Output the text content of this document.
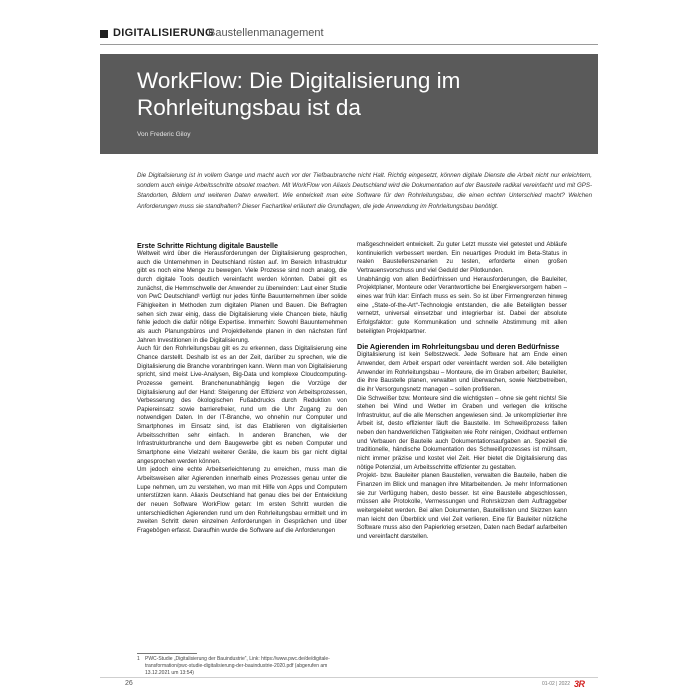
DIGITALISIERUNG
Baustellenmanagement
WorkFlow: Die Digitalisierung im Rohrleitungsbau ist da
Von Frederic Giloy
Die Digitalisierung ist in vollem Gange und macht auch vor der Tiefbaubranche nicht Halt. Richtig eingesetzt, können digitale Dienste die Arbeit nicht nur erleichtern, sondern auch einige Arbeitsschritte obsolet machen. Mit WorkFlow von Aliaxis Deutschland wird die Dokumentation auf der Baustelle radikal vereinfacht und mit GPS-Standorten, Bildern und weiteren Daten erweitert. Wie entwickelt man eine Software für den Rohrleitungsbau, die einen echten Unterschied macht? Welchen Anforderungen muss sie standhalten? Dieser Fachartikel erläutert die Grundlagen, die jede Anwendung im Rohrleitungsbau benötigt.
Erste Schritte Richtung digitale Baustelle

Weltweit wird über die Herausforderungen der Digitalisierung gesprochen, auch die Unternehmen in Deutschland rüsten auf. Im Bereich Infrastruktur gibt es noch eine Menge zu bewegen. Viele Prozesse sind noch analog, die durch digitale Tools deutlich vereinfacht werden könnten. Dabei gilt es zunächst, die Hemmschwelle der Anwender zu überwinden: Laut einer Studie von PwC Deutschland¹ verfügt nur jedes fünfte Bauunternehmen über solide Fähigkeiten in Methoden zum digitalen Planen und Bauen. Die Befragten sehen sich zwar einig, dass die Digitalisierung viele Chancen biete, häufig fehle jedoch die dafür nötige Expertise. Immerhin: Sowohl Bauunternehmen als auch Planungsbüros und Projektleitende planen in den nächsten fünf Jahren Investitionen in die Digitalisierung.

Auch für den Rohrleitungsbau gilt es zu erkennen, dass Digitalisierung eine Chance darstellt. Deshalb ist es an der Zeit, darüber zu sprechen, wie die Digitalisierung die Branche voranbringen kann. Wenn man von Digitalisierung spricht, sind meist Live-Analysen, Big-Data und komplexe Cloudcomputing-Prozesse gemeint. Branchenunabhängig liegen die Vorzüge der Digitalisierung auf der Hand: Steigerung der Effizienz von Arbeitsprozessen, Verbesserung des ökologischen Fußabdrucks durch Reduktion von Papiereinsatz sowie barrierefreier, rund um die Uhr Zugang zu den notwendigen Daten. In der IT-Branche, wo ohnehin nur Computer und Smartphones im Einsatz sind, ist das Etablieren von digitalisierten Arbeitsschritten sehr einfach. In anderen Branchen, wie der Infrastrukturbranche und dem Baugewerbe gibt es neben Computer und Smartphone eine Vielzahl weiterer Geräte, die kaum bis gar nicht digital angesprochen werden können.

Um jedoch eine echte Arbeitserleichterung zu erreichen, muss man die Arbeitsweisen aller Agierenden innerhalb eines Prozesses genau unter die Lupe nehmen, um zu verstehen, wo man mit Hilfe von Apps und Computern unterstützen kann. Aliaxis Deutschland hat genau dies bei der Entwicklung der neuen Software WorkFlow getan: Im ersten Schritt wurden die unterschiedlichen Agierenden rund um den Rohrleitungsbau ermittelt und im zweiten Schritt deren einzelnen Anforderungen in Gesprächen und über Fragebögen erfasst. Daraufhin wurde die Software auf die Anforderungen

maßgeschneidert entwickelt. Zu guter Letzt musste viel getestet und Abläufe kontinuierlich verbessert werden. Ein neuartiges Produkt im Beta-Status in realen Baustellenszenarien zu testen, erforderte einen großen Vertrauensvorschuss und viel Geduld der Pilotkunden.

Unabhängig von allen Bedürfnissen und Herausforderungen, die Bauleiter, Projektplaner, Monteure oder Verantwortliche bei Energieversorgern haben – eines war früh klar: Einfach muss es sein. So ist über Firmengrenzen hinweg eine „State-of-the-Art“-Technologie entstanden, die alle Beteiligten besser vernetzt, universal einsetzbar und integrierbar ist. Dabei der absolute Erfolgsfaktor: gute Kommunikation und schnelle Abstimmung mit allen beteiligten Projektpartner.

Die Agierenden im Rohrleitungsbau und deren Bedürfnisse

Digitalisierung ist kein Selbstzweck. Jede Software hat am Ende einen Anwender, dem Arbeit erspart oder vereinfacht werden soll. Alle beteiligten Anwender im Rohrleitungsbau – Monteure, die im Graben arbeiten; Bauleiter, die ihre Baustelle planen, verwalten und überwachen, sowie Netzbetreiben, die ihr Versorgungsnetz managen – sollen profitieren.

Die Schweißer bzw. Monteure sind die wichtigsten – ohne sie geht nichts! Sie stehen bei Wind und Wetter im Graben und verlegen die kritische Infrastruktur, auf die alle Menschen angewiesen sind. Je unkomplizierter ihre Arbeit ist, desto effizienter läuft die Baustelle. Im Schweißprozess fallen neben den handwerklichen Tätigkeiten wie Rohr reinigen, Oxidhaut entfernen und Verbauen der Bauteile auch Dokumentationsaufgaben an. Speziell die traditionelle, händische Dokumentation des Schweißprozesses ist mühsam, nicht immer präzise und kostet viel Zeit. Hier bietet die Digitalisierung das nötige Potenzial, um Arbeitsschritte effizienter zu gestalten.

Projekt- bzw. Bauleiter planen Baustellen, verwalten die Bauteile, haben die Finanzen im Blick und managen ihre Mitarbeitenden. Je mehr Informationen sie zur Verfügung haben, desto besser. Ist eine Baustelle abgeschlossen, müssen alle Protokolle, Vermessungen und Rohrskizzen dem Auftraggeber weitergeleitet werden. Bei allen Dokumenten, Bauteillisten und Skizzen kann man leicht den Überblick und viel Zeit verlieren. Eine für Bauleiter nützliche Software muss also den Papierkrieg ersetzen, Daten nach Bedarf aufarbeiten und vereinfacht darstellen.

1	PWC-Studie „Digitalisierung der Bauindustrie“, Link: https://www.pwc.de/de/digitale-transformation/pwc-studie-digitalisierung-der-bauindustrie-2020.pdf (abgerufen am 13.12.2021 um 13:54)
26	01-02 | 2022 3R
